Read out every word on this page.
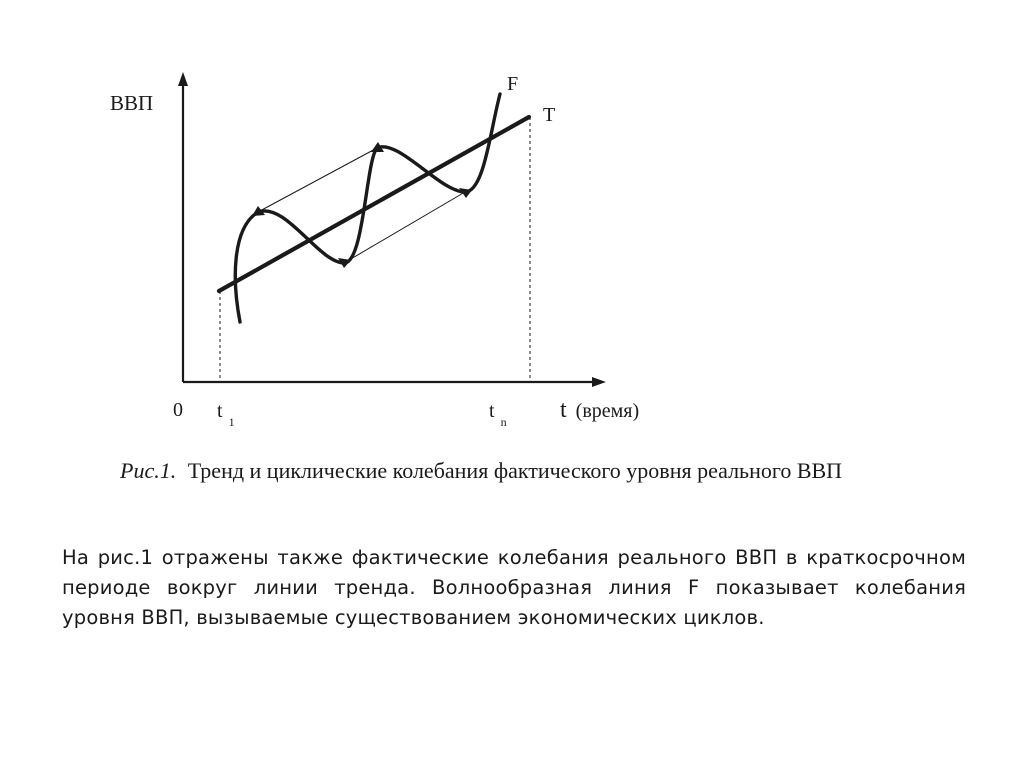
ВВП
F
T
0 t $_1$	t $_n$ t (время)
Рис.1. Тренд и циклические колебания фактического уровня реального ВВП

На рис.1 отражены также фактические колебания реального ВВП в краткосрочном периоде вокруг линии тренда. Волнообразная линия F показывает колебания уровня ВВП, вызываемые существованием экономических циклов.
